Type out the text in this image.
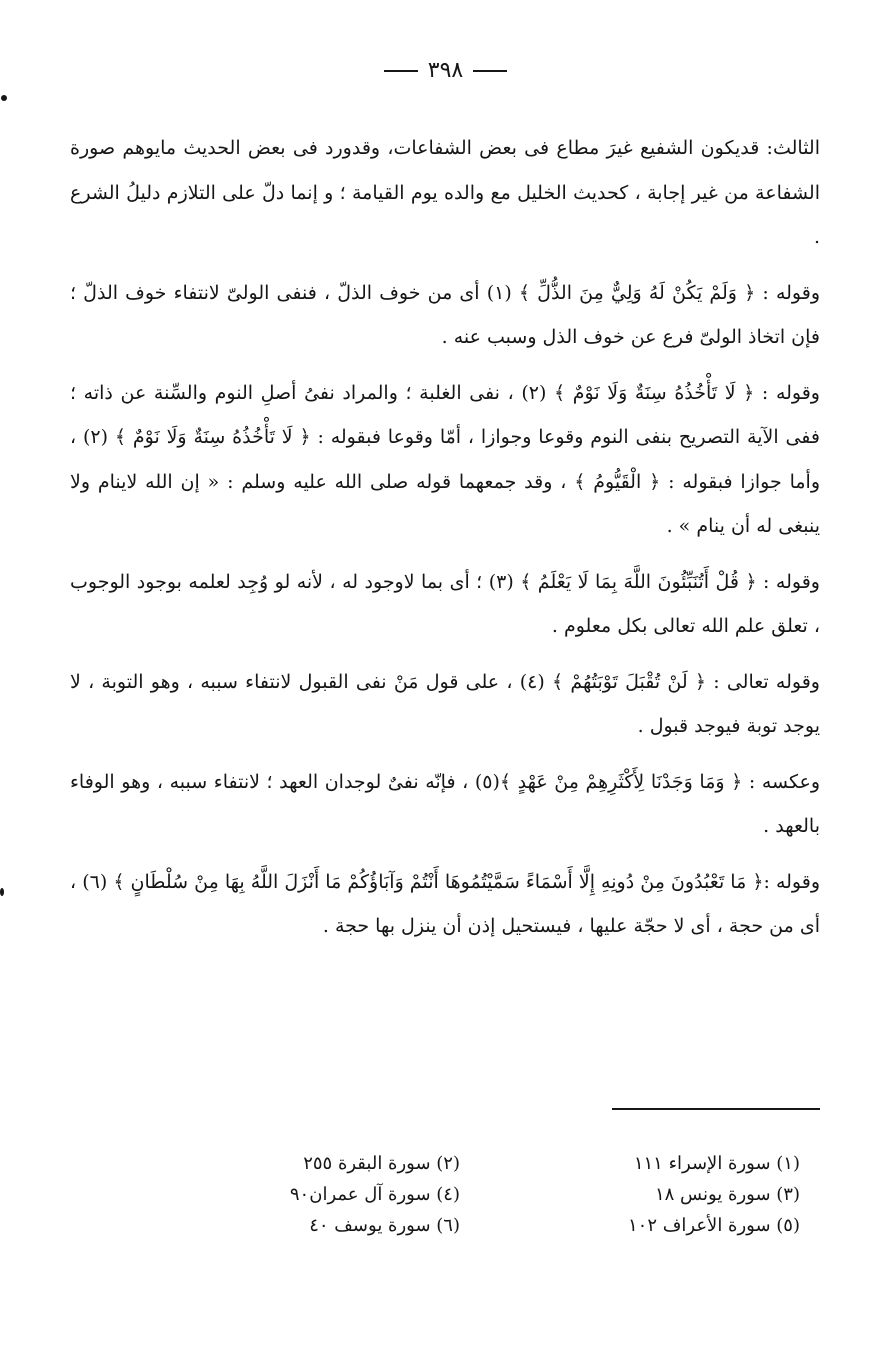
٣٩٨

الثالث: قديكون الشفيع غيرَ مطاع فى بعض الشفاعات، وقدورد فى بعض الحديث مايوهم صورة الشفاعة من غير إجابة ، كحديث الخليل مع والده يوم القيامة ؛ و إنما دلّ على التلازم دليلُ الشرع .

وقوله : ﴿ وَلَمْ يَكُنْ لَهُ وَلِيٌّ مِنَ الذُّلِّ ﴾ (١) أى من خوف الذلّ ، فنفى الولىّ لانتفاء خوف الذلّ ؛ فإن اتخاذ الولىّ فرع عن خوف الذل وسبب عنه .

وقوله : ﴿ لَا تَأْخُذُهُ سِنَةٌ وَلَا نَوْمٌ ﴾ (٢) ، نفى الغلبة ؛ والمراد نفىُ أصلِ النوم والسِّنة عن ذاته ؛ ففى الآية التصريح بنفى النوم وقوعا وجوازا ، أمّا وقوعا فبقوله : ﴿ لَا تَأْخُذُهُ سِنَةٌ وَلَا نَوْمٌ ﴾ (٢) ، وأما جوازا فبقوله : ﴿ الْقَيُّومُ ﴾ ، وقد جمعهما قوله صلى الله عليه وسلم : « إن الله لاينام ولا ينبغى له أن ينام » .

وقوله : ﴿ قُلْ أَتُنَبِّئُونَ اللَّهَ بِمَا لَا يَعْلَمُ ﴾ (٣) ؛ أى بما لاوجود له ، لأنه لو وُجِد لعلمه بوجود الوجوب ، تعلق علم الله تعالى بكل معلوم .

وقوله تعالى : ﴿ لَنْ تُقْبَلَ تَوْبَتُهُمْ ﴾ (٤) ، على قول مَنْ نفى القبول لانتفاء سببه ، وهو التوبة ، لا يوجد توبة فيوجد قبول .

وعكسه : ﴿ وَمَا وَجَدْنَا لِأَكْثَرِهِمْ مِنْ عَهْدٍ ﴾(٥) ، فإنّه نفىٌ لوجدان العهد ؛ لانتفاء سببه ، وهو الوفاء بالعهد .

وقوله :﴿ مَا تَعْبُدُونَ مِنْ دُونِهِ إِلَّا أَسْمَاءً سَمَّيْتُمُوهَا أَنْتُمْ وَآبَاؤُكُمْ مَا أَنْزَلَ اللَّهُ بِهَا مِنْ سُلْطَانٍ ﴾ (٦) ، أى من حجة ، أى لا حجّة عليها ، فيستحيل إذن أن ينزل بها حجة .

(١) سورة الإسراء ١١١
(٢) سورة البقرة ٢٥٥
(٣) سورة يونس ١٨
(٤) سورة آل عمران٩٠
(٥) سورة الأعراف ١٠٢
(٦) سورة يوسف ٤٠
